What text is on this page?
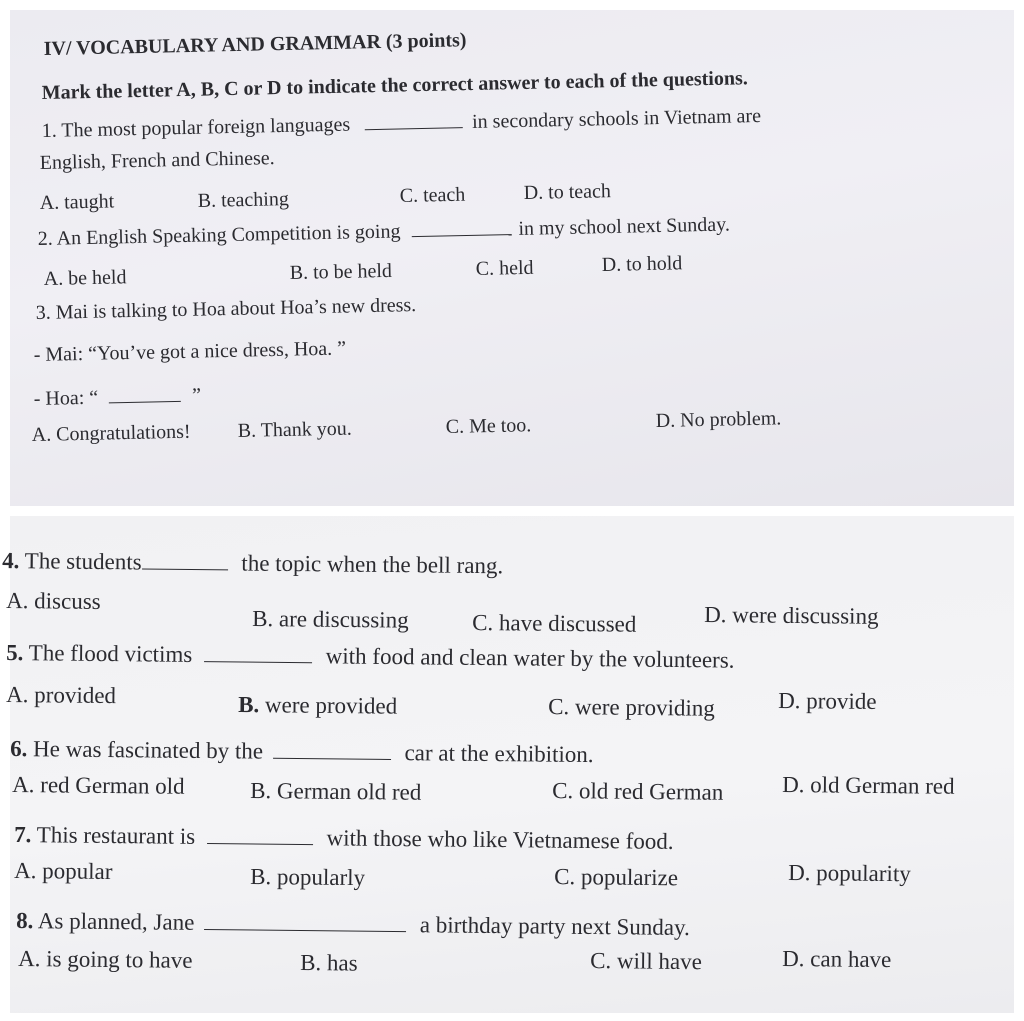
IV/ VOCABULARY AND GRAMMAR (3 points)
Mark the letter A, B, C or D to indicate the correct answer to each of the questions.
1. The most popular foreign languages	in secondary schools in Vietnam are
English, French and Chinese.
A. taught	B. teaching	C. teach	D. to teach
2. An English Speaking Competition is going	in my school next Sunday.
A. be held	B. to be held	C. held	D. to hold
3. Mai is talking to Hoa about Hoa’s new dress.
- Mai: “You’ve got a nice dress, Hoa. ”
- Hoa: “	”
A. Congratulations! B. Thank you.	C. Me too.	D. No problem.
4. The students	the topic when the bell rang.
A. discuss
B. are discussing	C. have discussed	D. were discussing
5. The flood victims	with food and clean water by the volunteers.
A. provided	B. were provided	C. were providing	D. provide
6. He was fascinated by the	car at the exhibition.
A. red German old	B. German old red	C. old red German	D. old German red
7. This restaurant is	with those who like Vietnamese food.
A. popular	B. popularly	C. popularize	D. popularity
8. As planned, Jane	a birthday party next Sunday.
A. is going to have	B. has	C. will have	D. can have
